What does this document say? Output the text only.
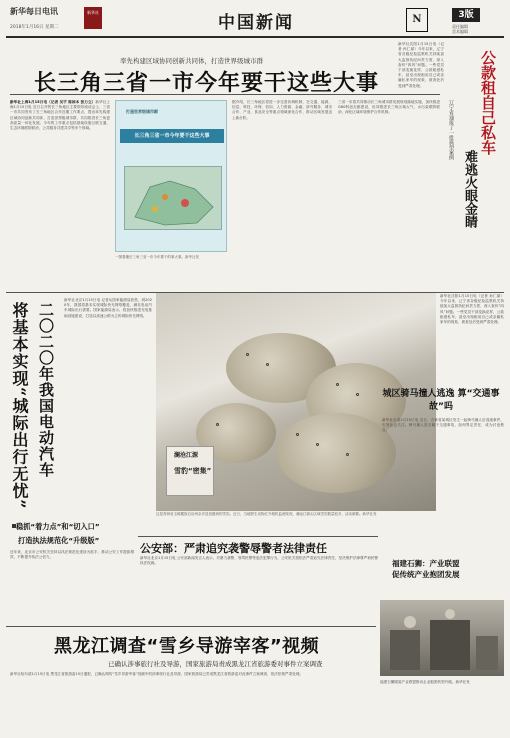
新华每日电讯
2018年1月16日 星期二
新华社
中国新闻	N	3版
责任编辑
美术编辑
率先构建区域协同创新共同体，打造世界级城市群
长三角三省一市今年要干这些大事
新华社上海1月15日电（记者 吴宇 陈国本 张力立）新华社上海1月15日电 近日召开的长三角地区主要领导座谈会上，三省一市共同发布了长三角地区合作近期工作要点，提出率先构建区域协同创新共同体，打造世界级城市群，共同推进长三角更高质量一体化发展。今年的工作重点包括基础设施互联互通、生态环境联防联治、公共服务共建共享等多个领域。
打造世界级城市群
长三角三省一市今年要干这些大事
一图看懂长三角三省一市今年要干的事大事。新华社发
据介绍，长三角地区将进一步完善协调机制，在交通、能源、信息、科技、环保、信用、人力资源、金融、涉外服务、城市合作、产业、食品安全等重点领域深化合作，推动区域发展迈上新台阶。
三省一市将共同推动长三角城市群发展规划落地实施，加快推进G60科创走廊建设，协同推进长三角区域大气、水污染联防联治，深化区域环境保护合作机制。
新华社沈阳1月15日电（记者 孙仁斌）今年以来，辽宁省各级纪检监察机关持续加大监督执纪问责力度，深入查纠“四风”问题。一些党员干部变换花样，公款租借私车，甚至出现租用自己或亲属私家车的现象，被查处后受到严肃处理。	公款租自己私车
难逃火眼金睛
辽宁省通报了一批典型案例
将基本实现“城际出行无忧” 二〇二〇年我国电动汽车
新华社北京1月15日电 记者从国家能源局获悉，到2020年，我国将基本实现城际快充网络覆盖，满足电动汽车城际出行需要。国家能源局表示，将加快推进充电基础设施建设，打造以高速公路为主的城际快充网络。
澜沧江源
雪豹“密集”
这是青海省玉树藏族自治州杂多县拍摄到的雪豹。近日，当地野生动物红外相机监测发现，澜沧江源头区域雪豹数量较多，活动频繁。新华社发
城区骑马撞人逃逸 算“交通事故”吗
新华社沈阳1月15日电（记者 孙仁斌）今年以来，辽宁省各级纪检监察机关持续加大监督执纪问责力度，深入查纠“四风”问题。一些党员干部变换花样，公款租借私车，甚至出现租用自己或亲属私家车的现象，被查处后受到严肃处理。
新华社长春1月15日电 近日，吉林省某城区发生一起骑马撞人后逃逸事件，引发社会关注。骑马撞人是否属于交通事故，如何界定责任，成为讨论焦点。
稳抓“着力点”和“切入口”
打造执法规范化“升级版”
近年来，北京市公安机关坚持以执法规范化建设为抓手，推动公安工作提质增效，不断提升执法公信力。
公安部：严肃追究袭警辱警者法律责任
新华社北京1月15日电 公安部新闻发言人表示，对暴力袭警、辱骂民警等违法犯罪行为，公安机关将依法严肃追究法律责任，坚决维护法律尊严和民警执法权威。	福建石狮：产业联盟
促传统产业抱团发展
福建石狮服装产业联盟推动企业抱团转型升级。新华社发
黑龙江调查“雪乡导游宰客”视频
已确认涉事旅行社及导游，国家旅游局责成黑龙江省旅游委对事件立案调查
新华社哈尔滨1月15日电 黑龙江省旅游委15日通报，已确认网传“雪乡导游宰客”视频中的涉事旅行社及导游，国家旅游局已责成黑龙江省旅游委对此事件立案调查，依法依规严肃处理。
